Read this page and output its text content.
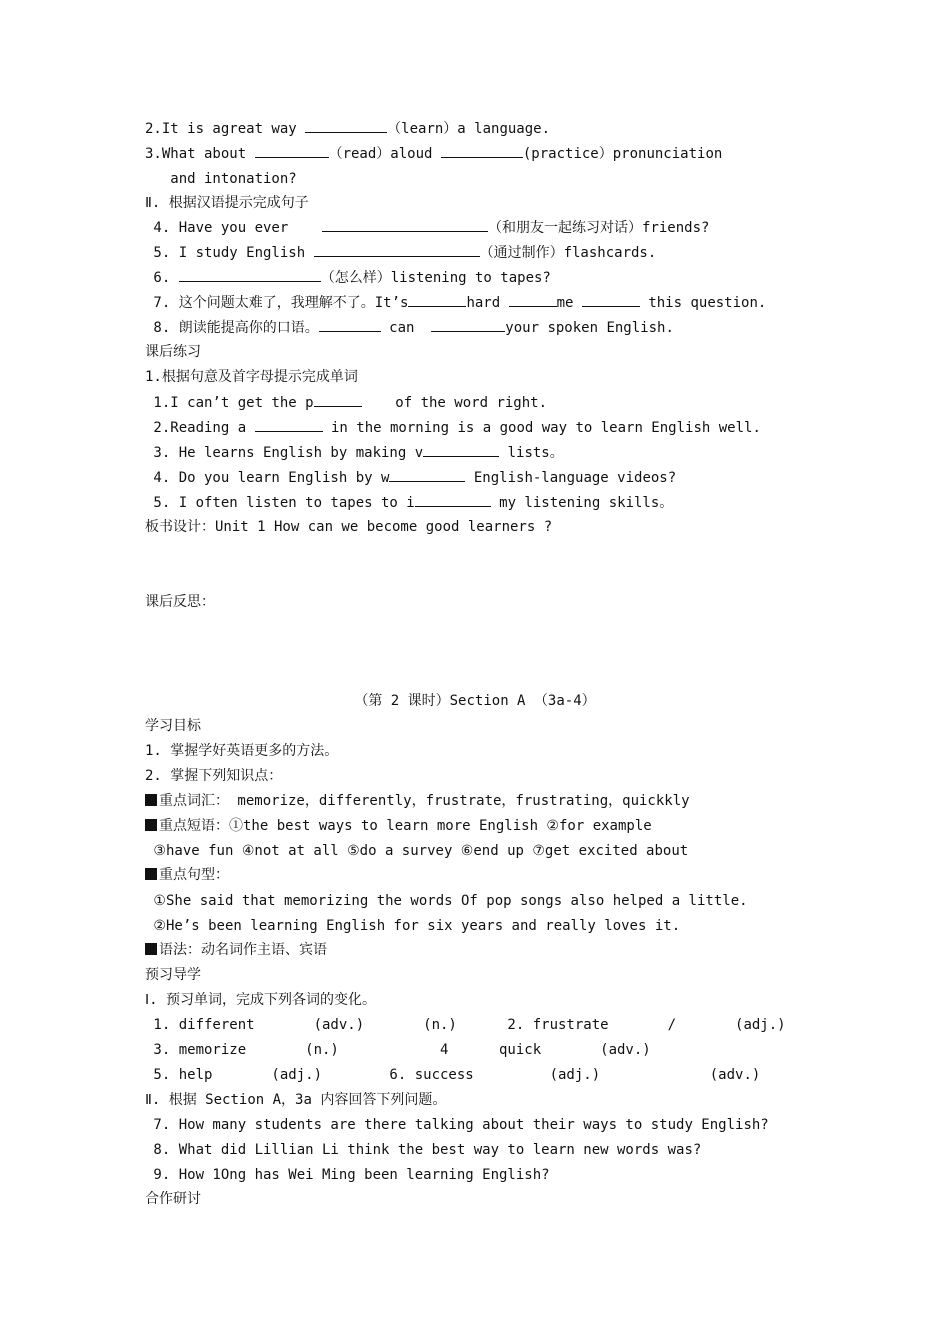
2.It is agreat way	（learn）a language.
3.What about	（read）aloud	(practice）pronunciation
and intonation?
Ⅱ. 根据汉语提示完成句子
4. Have you ever	（和朋友一起练习对话）friends?
5. I study English	（通过制作）flashcards.
6.	（怎么样）listening to tapes?
7. 这个问题太难了，我理解不了。It’s	hard	me	this question.
8. 朗读能提高你的口语。	can	your spoken English.
课后练习
1.根据句意及首字母提示完成单词
1.I can’t get the p	of the word right.
2.Reading a	in the morning is a good way to learn English well.
3. He learns English by making v	lists。
4. Do you learn English by w	English-language videos?
5. I often listen to tapes to i	my listening skills。
板书设计：Unit 1 How can we become good learners ?
课后反思：
（第 2 课时）Section A （3a-4）
学习目标
1. 掌握学好英语更多的方法。
2. 掌握下列知识点：
重点词汇： memorize，differently，frustrate，frustrating，quickkly
重点短语：①the best ways to learn more English ②for example
③have fun ④not at all ⑤do a survey ⑥end up ⑦get excited about
重点句型：
①She said that memorizing the words Of pop songs also helped a little.
②He’s been learning English for six years and really loves it.
语法：动名词作主语、宾语
预习导学
Ⅰ. 预习单词，完成下列各词的变化。
1. different       (adv.)       (n.)      2. frustrate       /       (adj.)
3. memorize       (n.)            4      quick       (adv.)
5. help       (adj.)        6. success         (adj.)             (adv.)
Ⅱ. 根据 Section A，3a 内容回答下列问题。
7. How many students are there talking about their ways to study English?
8. What did Lillian Li think the best way to learn new words was?
9. How 1Ong has Wei Ming been learning English?
合作研讨
